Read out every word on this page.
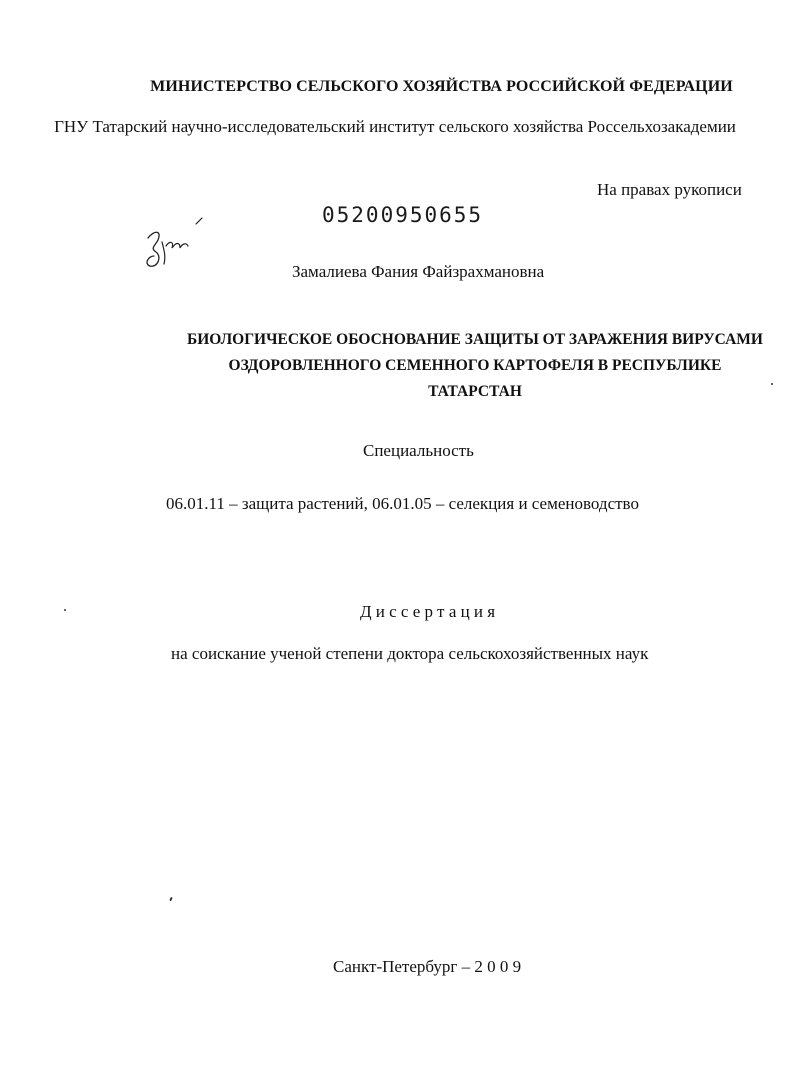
МИНИСТЕРСТВО СЕЛЬСКОГО ХОЗЯЙСТВА РОССИЙСКОЙ ФЕДЕРАЦИИ
ГНУ Татарский научно-исследовательский институт сельского хозяйства Россельхозакадемии
На правах рукописи
05200950655
Замалиева Фания Файзрахмановна
БИОЛОГИЧЕСКОЕ ОБОСНОВАНИЕ ЗАЩИТЫ ОТ ЗАРАЖЕНИЯ ВИРУСАМИ ОЗДОРОВЛЕННОГО СЕМЕННОГО КАРТОФЕЛЯ В РЕСПУБЛИКЕ ТАТАРСТАН
Специальность
06.01.11 – защита растений, 06.01.05 – селекция и семеноводство
Диссертация
на соискание ученой степени доктора сельскохозяйственных наук
Санкт-Петербург – 2 0 0 9
